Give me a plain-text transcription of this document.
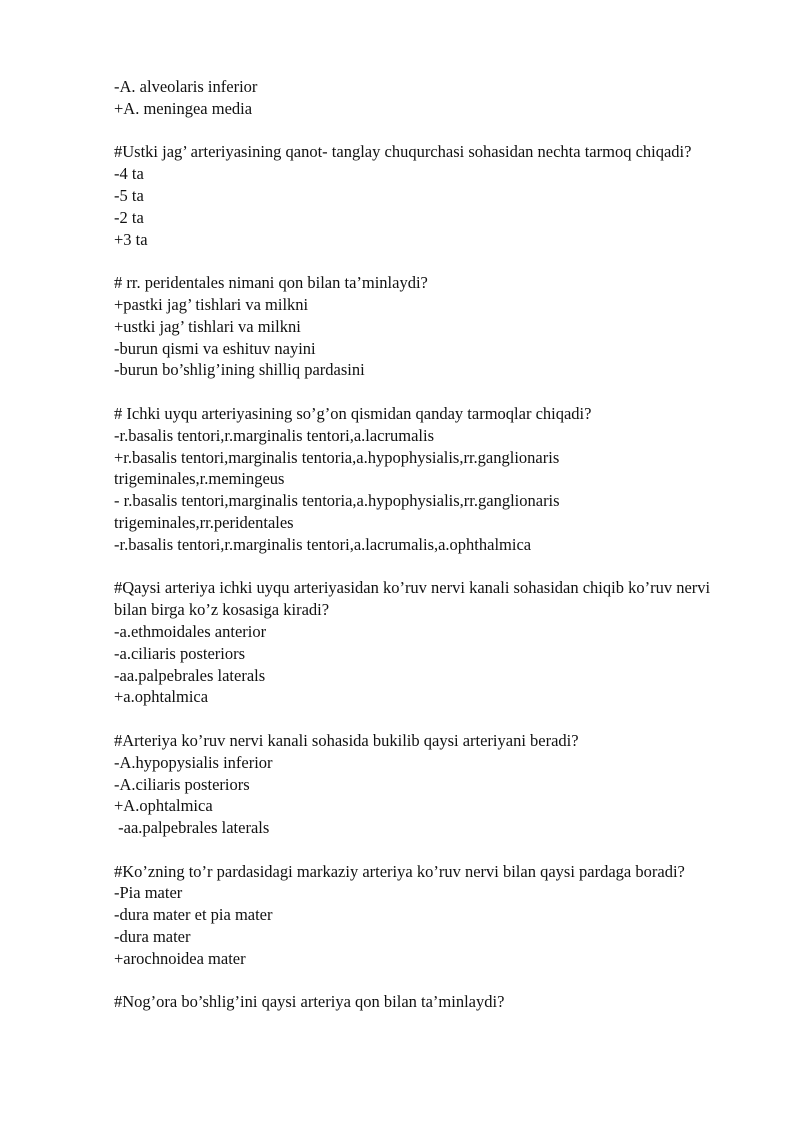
-A. alveolaris inferior

+A. meningea media

#Ustki jag’ arteriyasining qanot- tanglay chuqurchasi sohasidan nechta tarmoq chiqadi?

-4 ta

-5 ta

-2 ta

+3 ta

# rr. peridentales nimani qon bilan ta’minlaydi?

+pastki jag’ tishlari va milkni

+ustki jag’ tishlari va milkni

-burun qismi va eshituv nayini

-burun bo’shlig’ining shilliq pardasini

# Ichki uyqu arteriyasining so’g’on qismidan qanday tarmoqlar chiqadi?

-r.basalis tentori,r.marginalis tentori,a.lacrumalis

+r.basalis tentori,marginalis tentoria,a.hypophysialis,rr.ganglionaris trigeminales,r.memingeus

- r.basalis tentori,marginalis tentoria,a.hypophysialis,rr.ganglionaris trigeminales,rr.peridentales

-r.basalis tentori,r.marginalis tentori,a.lacrumalis,a.ophthalmica

#Qaysi arteriya ichki uyqu arteriyasidan ko’ruv nervi kanali sohasidan chiqib ko’ruv nervi bilan birga ko’z kosasiga kiradi?

-a.ethmoidales anterior

-a.ciliaris posteriors

-aa.palpebrales laterals

+a.ophtalmica

#Arteriya ko’ruv nervi kanali sohasida bukilib qaysi arteriyani beradi?

-A.hypopysialis inferior

-A.ciliaris posteriors

+A.ophtalmica

-aa.palpebrales laterals

#Ko’zning to’r pardasidagi markaziy arteriya ko’ruv nervi bilan qaysi pardaga boradi?

-Pia mater

-dura mater et pia mater

-dura mater

+arochnoidea mater

#Nog’ora bo’shlig’ini qaysi arteriya qon bilan ta’minlaydi?
